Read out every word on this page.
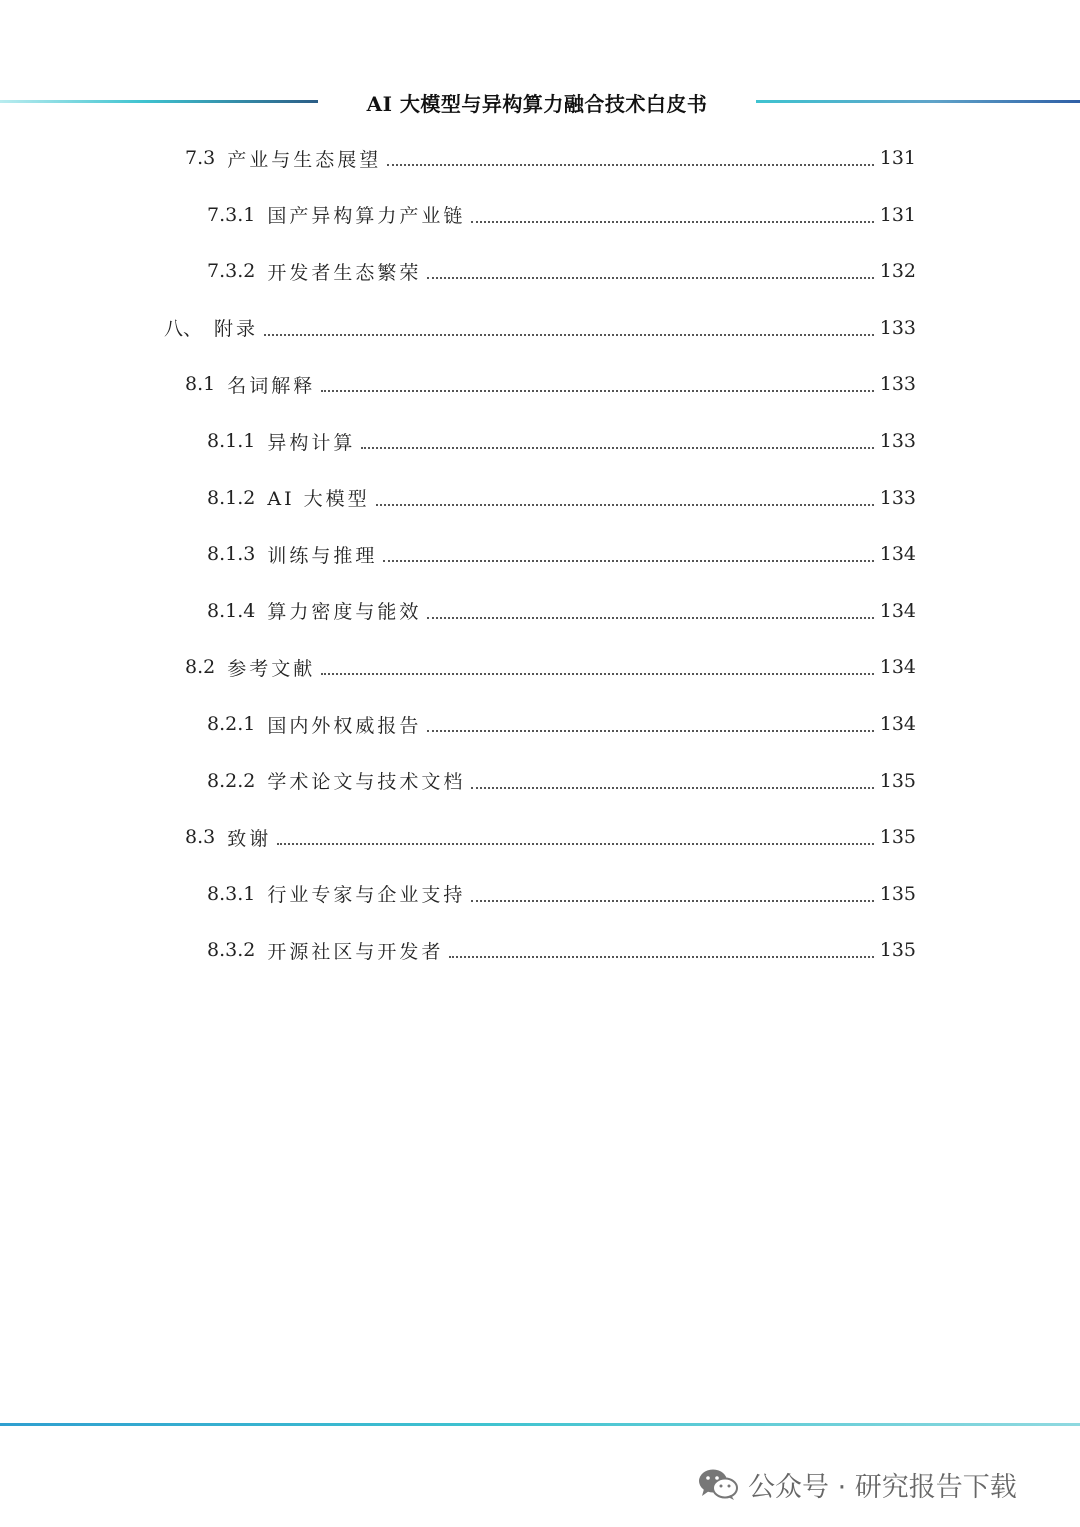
AI 大模型与异构算力融合技术白皮书
7.3 产业与生态展望	131
7.3.1 国产异构算力产业链	131
7.3.2 开发者生态繁荣	132
八、 附录	133
8.1 名词解释	133
8.1.1 异构计算	133
8.1.2 AI 大模型	133
8.1.3 训练与推理	134
8.1.4 算力密度与能效	134
8.2 参考文献	134
8.2.1 国内外权威报告	134
8.2.2 学术论文与技术文档	135
8.3 致谢	135
8.3.1 行业专家与企业支持	135
8.3.2 开源社区与开发者	135
公众号 · 研究报告下载
